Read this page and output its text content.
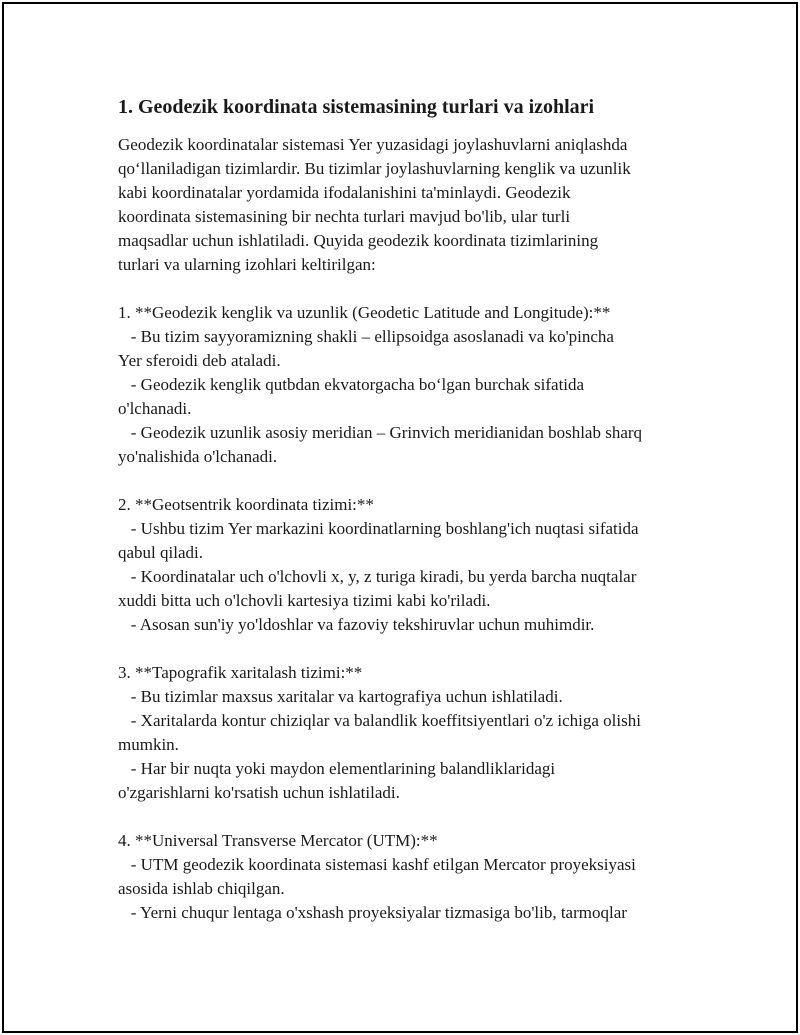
1. Geodezik koordinata sistemasining turlari va izohlari
Geodezik koordinatalar sistemasi Yer yuzasidagi joylashuvlarni aniqlashda
qo‘llaniladigan tizimlardir. Bu tizimlar joylashuvlarning kenglik va uzunlik
kabi koordinatalar yordamida ifodalanishini ta'minlaydi. Geodezik
koordinata sistemasining bir nechta turlari mavjud bo'lib, ular turli
maqsadlar uchun ishlatiladi. Quyida geodezik koordinata tizimlarining
turlari va ularning izohlari keltirilgan:
1. **Geodezik kenglik va uzunlik (Geodetic Latitude and Longitude):**
- Bu tizim sayyoramizning shakli – ellipsoidga asoslanadi va ko'pincha
Yer sferoidi deb ataladi.
- Geodezik kenglik qutbdan ekvatorgacha bo‘lgan burchak sifatida
o'lchanadi.
- Geodezik uzunlik asosiy meridian – Grinvich meridianidan boshlab sharq
yo'nalishida o'lchanadi.
2. **Geotsentrik koordinata tizimi:**
- Ushbu tizim Yer markazini koordinatlarning boshlang'ich nuqtasi sifatida
qabul qiladi.
- Koordinatalar uch o'lchovli x, y, z turiga kiradi, bu yerda barcha nuqtalar
xuddi bitta uch o'lchovli kartesiya tizimi kabi ko'riladi.
- Asosan sun'iy yo'ldoshlar va fazoviy tekshiruvlar uchun muhimdir.
3. **Tapografik xaritalash tizimi:**
- Bu tizimlar maxsus xaritalar va kartografiya uchun ishlatiladi.
- Xaritalarda kontur chiziqlar va balandlik koeffitsiyentlari o'z ichiga olishi
mumkin.
- Har bir nuqta yoki maydon elementlarining balandliklaridagi
o'zgarishlarni ko'rsatish uchun ishlatiladi.
4. **Universal Transverse Mercator (UTM):**
- UTM geodezik koordinata sistemasi kashf etilgan Mercator proyeksiyasi
asosida ishlab chiqilgan.
- Yerni chuqur lentaga o'xshash proyeksiyalar tizmasiga bo'lib, tarmoqlar
